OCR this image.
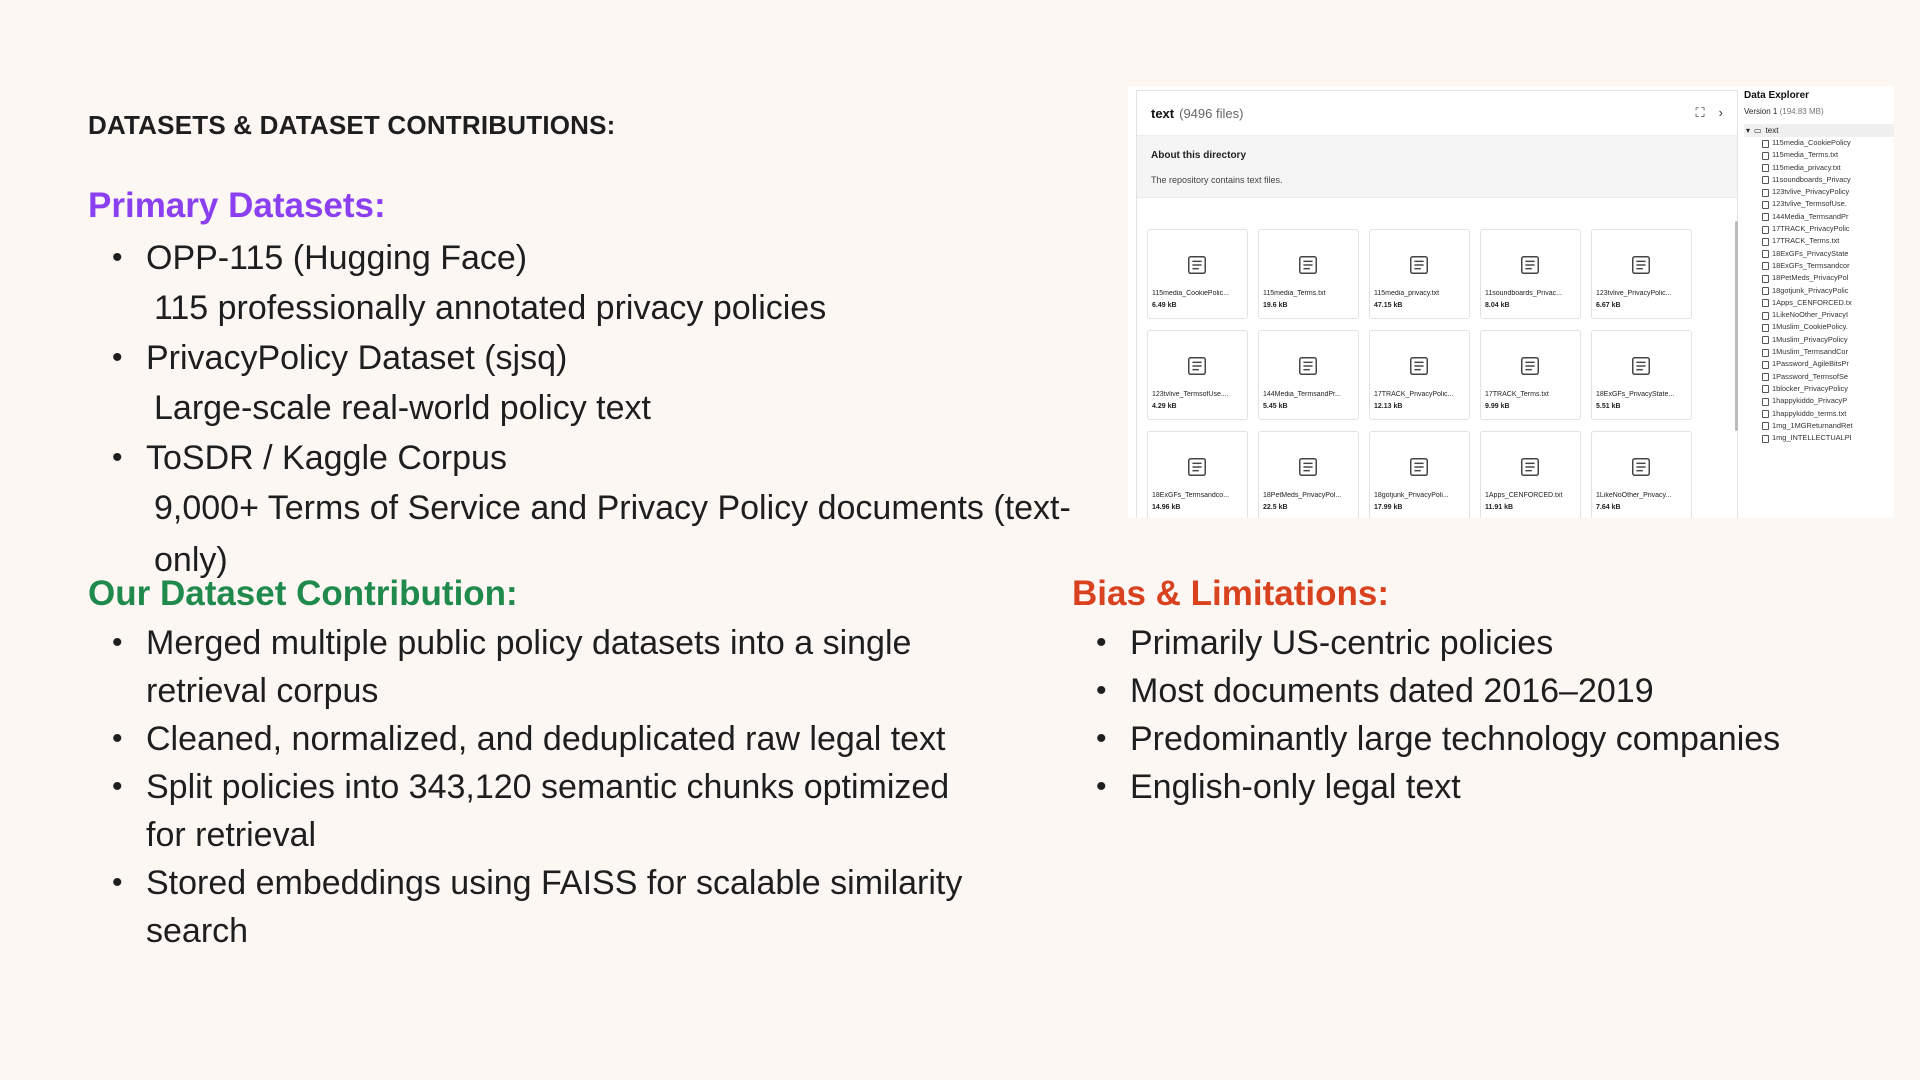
DATASETS & DATASET CONTRIBUTIONS:
Primary Datasets:
• OPP-115 (Hugging Face)
115 professionally annotated privacy policies
• PrivacyPolicy Dataset (sjsq)
Large-scale real-world policy text
• ToSDR / Kaggle Corpus
9,000+ Terms of Service and Privacy Policy documents (text-only)
Our Dataset Contribution:
• Merged multiple public policy datasets into a single retrieval corpus
• Cleaned, normalized, and deduplicated raw legal text
• Split policies into 343,120 semantic chunks optimized for retrieval
• Stored embeddings using FAISS for scalable similarity search
Bias & Limitations:
• Primarily US-centric policies
• Most documents dated 2016–2019
• Predominantly large technology companies
• English-only legal text
text (9496 files)	⛶ ›
About this directory
The repository contains text files.
115media_CookiePolic...
6.49 kB
115media_Terms.txt
19.6 kB
115media_privacy.txt
47.15 kB
11soundboards_Privac...
8.04 kB
123tvlive_PrivacyPolic...
6.67 kB
123tvlive_TermsofUse....
4.29 kB
144Media_TermsandPr...
5.45 kB
17TRACK_PrivacyPolic...
12.13 kB
17TRACK_Terms.txt
9.99 kB
18ExGFs_PrivacyState...
5.51 kB
18ExGFs_Termsandco...
14.96 kB
18PetMeds_PrivacyPol...
22.5 kB
18gotjunk_PrivacyPoli...
17.99 kB
1Apps_CENFORCED.txt
11.91 kB
1LikeNoOther_Privacy...
7.64 kB
Data Explorer
Version 1 (194.83 MB)
▾ ▭ text
115media_CookiePolicy
115media_Terms.txt
115media_privacy.txt
11soundboards_Privacy
123tvlive_PrivacyPolicy
123tvlive_TermsofUse.
144Media_TermsandPr
17TRACK_PrivacyPolic
17TRACK_Terms.txt
18ExGFs_PrivacyState
18ExGFs_Termsandcor
18PetMeds_PrivacyPol
18gotjunk_PrivacyPolic
1Apps_CENFORCED.tx
1LikeNoOther_PrivacyI
1Muslim_CookiePolicy.
1Muslim_PrivacyPolicy
1Muslim_TermsandCor
1Password_AgileBitsPr
1Password_TermsofSe
1blocker_PrivacyPolicy
1happykiddo_PrivacyP
1happykiddo_terms.txt
1mg_1MGReturnandRet
1mg_INTELLECTUALPI
